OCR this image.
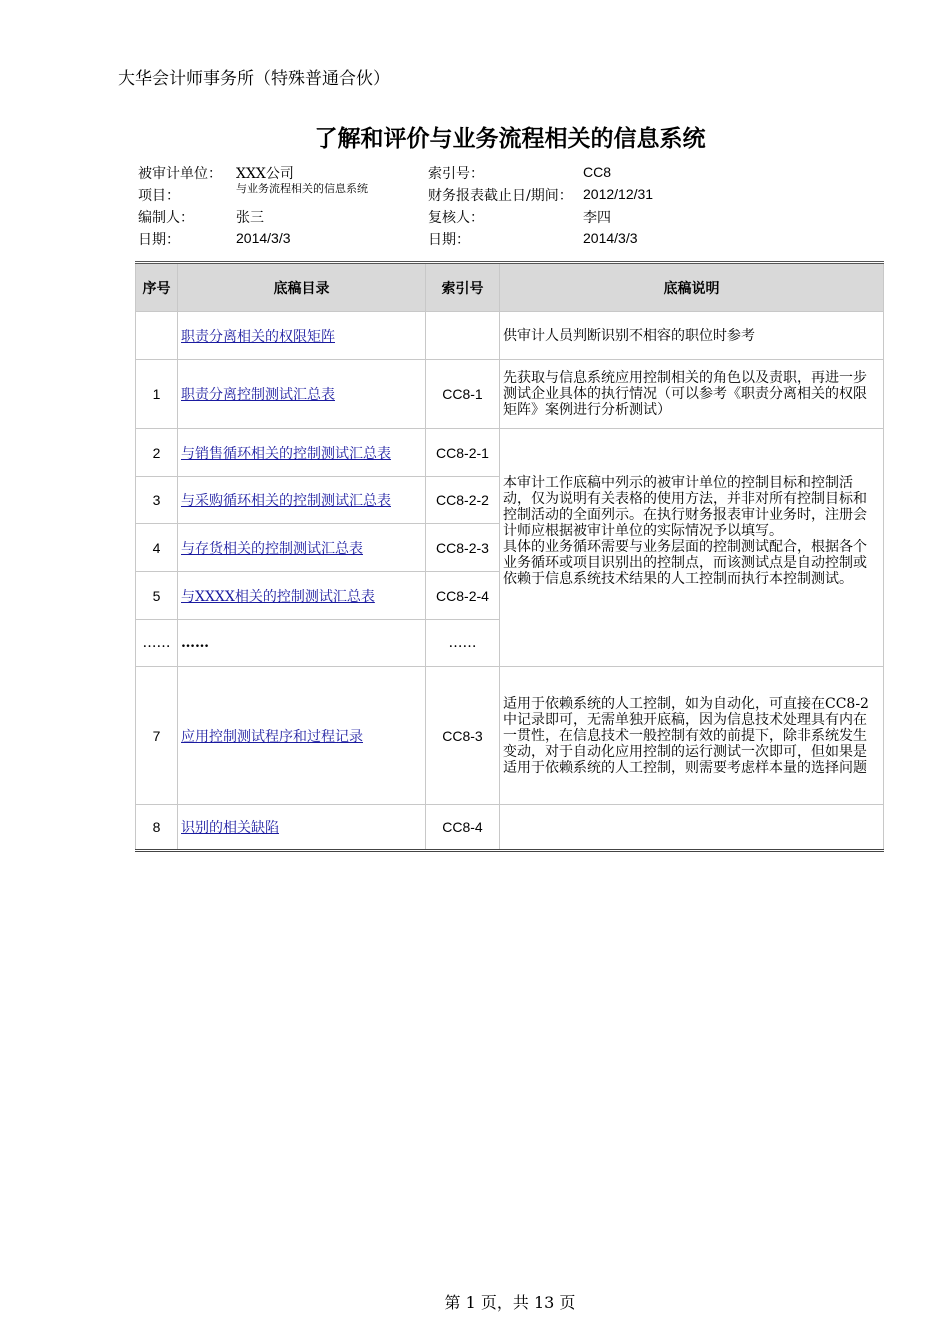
大华会计师事务所（特殊普通合伙）
了解和评价与业务流程相关的信息系统
被审计单位： XXX公司	索引号：	CC8
项目：	与业务流程相关的信息系统	财务报表截止日/期间： 2012/12/31
编制人：	张三	复核人：	李四
日期：	2014/3/3	日期：	2014/3/3
序号	底稿目录	索引号	底稿说明
	职责分离相关的权限矩阵		供审计人员判断识别不相容的职位时参考
1	职责分离控制测试汇总表	CC8-1	先获取与信息系统应用控制相关的角色以及责职，再进一步测试企业具体的执行情况（可以参考《职责分离相关的权限矩阵》案例进行分析测试）
2	与销售循环相关的控制测试汇总表	CC8-2-1	本审计工作底稿中列示的被审计单位的控制目标和控制活动，仅为说明有关表格的使用方法，并非对所有控制目标和控制活动的全面列示。在执行财务报表审计业务时，注册会计师应根据被审计单位的实际情况予以填写。
具体的业务循环需要与业务层面的控制测试配合，根据各个业务循环或项目识别出的控制点，而该测试点是自动控制或依赖于信息系统技术结果的人工控制而执行本控制测试。
3	与采购循环相关的控制测试汇总表	CC8-2-2	
4	与存货相关的控制测试汇总表	CC8-2-3	
5	与XXXX相关的控制测试汇总表	CC8-2-4	
……	……	……	
7	应用控制测试程序和过程记录	CC8-3	适用于依赖系统的人工控制，如为自动化，可直接在CC8-2中记录即可，无需单独开底稿，因为信息技术处理具有内在一贯性，在信息技术一般控制有效的前提下，除非系统发生变动，对于自动化应用控制的运行测试一次即可，但如果是适用于依赖系统的人工控制，则需要考虑样本量的选择问题
8	识别的相关缺陷	CC8-4	
第 1 页，共 13 页
